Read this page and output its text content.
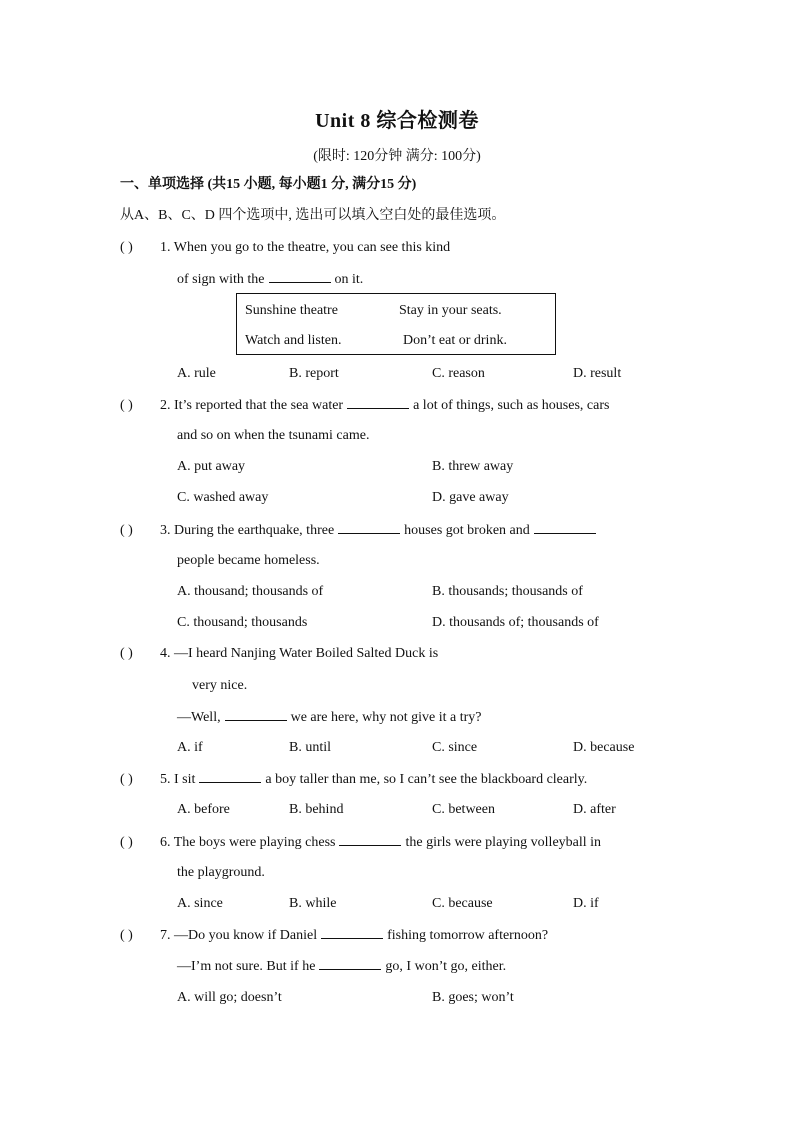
Unit 8 综合检测卷
(限时: 120分钟 满分: 100分)
一、单项选择 (共15 小题, 每小题1 分, 满分15 分)
从A、B、C、D 四个选项中, 选出可以填入空白处的最佳选项。
( ) 1. When you go to the theatre, you can see this kind
of sign with the	on it.
Sunshine theatre	Stay in your seats.
Watch and listen.	Don’t eat or drink.
A. rule	B. report	C. reason	D. result
( ) 2. It’s reported that the sea water	a lot of things, such as houses, cars
and so on when the tsunami came.
A. put away	B. threw away
C. washed away	D. gave away
( ) 3. During the earthquake, three	houses got broken and
people became homeless.
A. thousand; thousands of	B. thousands; thousands of
C. thousand; thousands	D. thousands of; thousands of
( ) 4. —I heard Nanjing Water Boiled Salted Duck is
very nice.
—Well,	we are here, why not give it a try?
A. if	B. until	C. since	D. because
( ) 5. I sit	a boy taller than me, so I can’t see the blackboard clearly.
A. before	B. behind	C. between	D. after
( ) 6. The boys were playing chess	the girls were playing volleyball in
the playground.
A. since	B. while	C. because	D. if
( ) 7. —Do you know if Daniel	fishing tomorrow afternoon?
—I’m not sure. But if he	go, I won’t go, either.
A. will go; doesn’t	B. goes; won’t
